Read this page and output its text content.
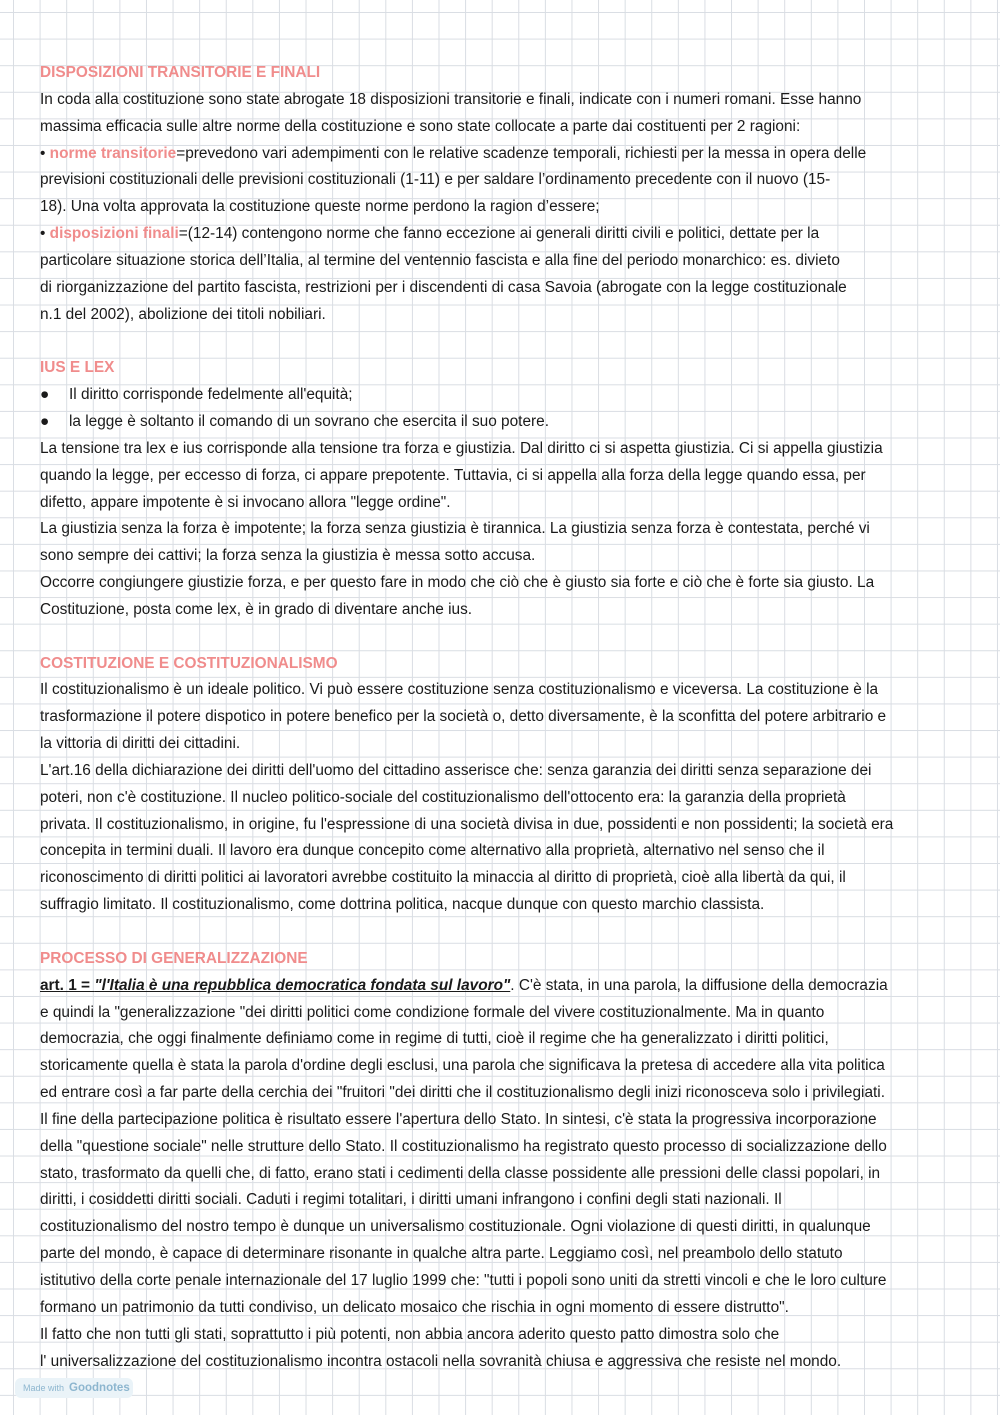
DISPOSIZIONI TRANSITORIE E FINALI
In coda alla costituzione sono state abrogate 18 disposizioni transitorie e finali, indicate con i numeri romani. Esse hanno
massima efficacia sulle altre norme della costituzione e sono state collocate a parte dai costituenti per 2 ragioni:
• norme transitorie=prevedono vari adempimenti con le relative scadenze temporali, richiesti per la messa in opera delle
previsioni costituzionali delle previsioni costituzionali (1-11) e per saldare l’ordinamento precedente con il nuovo (15-
18). Una volta approvata la costituzione queste norme perdono la ragion d’essere;
• disposizioni finali=(12-14) contengono norme che fanno eccezione ai generali diritti civili e politici, dettate per la
particolare situazione storica dell’Italia, al termine del ventennio fascista e alla fine del periodo monarchico: es. divieto
di riorganizzazione del partito fascista, restrizioni per i discendenti di casa Savoia (abrogate con la legge costituzionale
n.1 del 2002), abolizione dei titoli nobiliari.
IUS E LEX
● Il diritto corrisponde fedelmente all'equità;
● la legge è soltanto il comando di un sovrano che esercita il suo potere.
La tensione tra lex e ius corrisponde alla tensione tra forza e giustizia. Dal diritto ci si aspetta giustizia. Ci si appella giustizia
quando la legge, per eccesso di forza, ci appare prepotente. Tuttavia, ci si appella alla forza della legge quando essa, per
difetto, appare impotente è si invocano allora "legge ordine".
La giustizia senza la forza è impotente; la forza senza giustizia è tirannica. La giustizia senza forza è contestata, perché vi
sono sempre dei cattivi; la forza senza la giustizia è messa sotto accusa.
Occorre congiungere giustizie forza, e per questo fare in modo che ciò che è giusto sia forte e ciò che è forte sia giusto. La
Costituzione, posta come lex, è in grado di diventare anche ius.
COSTITUZIONE E COSTITUZIONALISMO
Il costituzionalismo è un ideale politico. Vi può essere costituzione senza costituzionalismo e viceversa. La costituzione è la
trasformazione il potere dispotico in potere benefico per la società o, detto diversamente, è la sconfitta del potere arbitrario e
la vittoria di diritti dei cittadini.
L'art.16 della dichiarazione dei diritti dell'uomo del cittadino asserisce che: senza garanzia dei diritti senza separazione dei
poteri, non c'è costituzione. Il nucleo politico-sociale del costituzionalismo dell'ottocento era: la garanzia della proprietà
privata. Il costituzionalismo, in origine, fu l'espressione di una società divisa in due, possidenti e non possidenti; la società era
concepita in termini duali. Il lavoro era dunque concepito come alternativo alla proprietà, alternativo nel senso che il
riconoscimento di diritti politici ai lavoratori avrebbe costituito la minaccia al diritto di proprietà, cioè alla libertà da qui, il
suffragio limitato. Il costituzionalismo, come dottrina politica, nacque dunque con questo marchio classista.
PROCESSO DI GENERALIZZAZIONE
art. 1 = "l'Italia è una repubblica democratica fondata sul lavoro". C'è stata, in una parola, la diffusione della democrazia
e quindi la "generalizzazione "dei diritti politici come condizione formale del vivere costituzionalmente. Ma in quanto
democrazia, che oggi finalmente definiamo come in regime di tutti, cioè il regime che ha generalizzato i diritti politici,
storicamente quella è stata la parola d'ordine degli esclusi, una parola che significava la pretesa di accedere alla vita politica
ed entrare così a far parte della cerchia dei "fruitori "dei diritti che il costituzionalismo degli inizi riconosceva solo i privilegiati.
Il fine della partecipazione politica è risultato essere l'apertura dello Stato. In sintesi, c'è stata la progressiva incorporazione
della "questione sociale" nelle strutture dello Stato. Il costituzionalismo ha registrato questo processo di socializzazione dello
stato, trasformato da quelli che, di fatto, erano stati i cedimenti della classe possidente alle pressioni delle classi popolari, in
diritti, i cosiddetti diritti sociali. Caduti i regimi totalitari, i diritti umani infrangono i confini degli stati nazionali. Il
costituzionalismo del nostro tempo è dunque un universalismo costituzionale. Ogni violazione di questi diritti, in qualunque
parte del mondo, è capace di determinare risonante in qualche altra parte. Leggiamo così, nel preambolo dello statuto
istitutivo della corte penale internazionale del 17 luglio 1999 che: "tutti i popoli sono uniti da stretti vincoli e che le loro culture
formano un patrimonio da tutti condiviso, un delicato mosaico che rischia in ogni momento di essere distrutto".
Il fatto che non tutti gli stati, soprattutto i più potenti, non abbia ancora aderito questo patto dimostra solo che
l' universalizzazione del costituzionalismo incontra ostacoli nella sovranità chiusa e aggressiva che resiste nel mondo.
Made with Goodnotes
